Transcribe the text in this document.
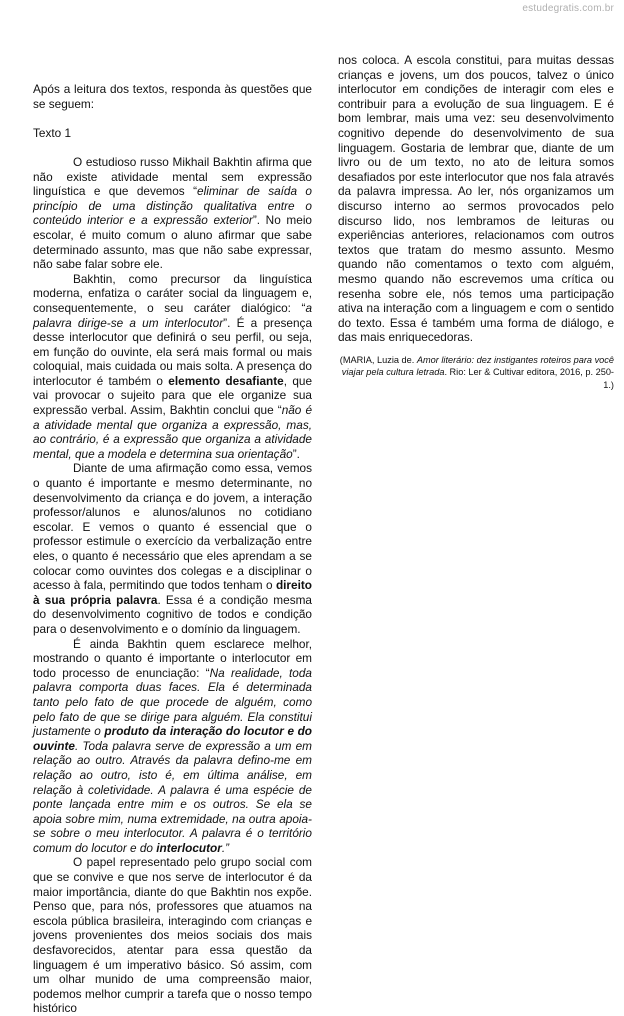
estudegratis.com.br

Após a leitura dos textos, responda às questões que se seguem:

Texto 1

O estudioso russo Mikhail Bakhtin afirma que não existe atividade mental sem expressão linguística e que devemos “eliminar de saída o princípio de uma distinção qualitativa entre o conteúdo interior e a expressão exterior”. No meio escolar, é muito comum o aluno afirmar que sabe determinado assunto, mas que não sabe expressar, não sabe falar sobre ele.

Bakhtin, como precursor da linguística moderna, enfatiza o caráter social da linguagem e, consequentemente, o seu caráter dialógico: “a palavra dirige-se a um interlocutor”. É a presença desse interlocutor que definirá o seu perfil, ou seja, em função do ouvinte, ela será mais formal ou mais coloquial, mais cuidada ou mais solta. A presença do interlocutor é também o elemento desafiante, que vai provocar o sujeito para que ele organize sua expressão verbal. Assim, Bakhtin conclui que “não é a atividade mental que organiza a expressão, mas, ao contrário, é a expressão que organiza a atividade mental, que a modela e determina sua orientação”.

Diante de uma afirmação como essa, vemos o quanto é importante e mesmo determinante, no desenvolvimento da criança e do jovem, a interação professor/alunos e alunos/alunos no cotidiano escolar. E vemos o quanto é essencial que o professor estimule o exercício da verbalização entre eles, o quanto é necessário que eles aprendam a se colocar como ouvintes dos colegas e a disciplinar o acesso à fala, permitindo que todos tenham o direito à sua própria palavra. Essa é a condição mesma do desenvolvimento cognitivo de todos e condição para o desenvolvimento e o domínio da linguagem.

É ainda Bakhtin quem esclarece melhor, mostrando o quanto é importante o interlocutor em todo processo de enunciação: “Na realidade, toda palavra comporta duas faces. Ela é determinada tanto pelo fato de que procede de alguém, como pelo fato de que se dirige para alguém. Ela constitui justamente o produto da interação do locutor e do ouvinte. Toda palavra serve de expressão a um em relação ao outro. Através da palavra defino-me em relação ao outro, isto é, em última análise, em relação à coletividade. A palavra é uma espécie de ponte lançada entre mim e os outros. Se ela se apoia sobre mim, numa extremidade, na outra apoia-se sobre o meu interlocutor. A palavra é o território comum do locutor e do interlocutor.”

O papel representado pelo grupo social com que se convive e que nos serve de interlocutor é da maior importância, diante do que Bakhtin nos expõe. Penso que, para nós, professores que atuamos na escola pública brasileira, interagindo com crianças e jovens provenientes dos meios sociais dos mais desfavorecidos, atentar para essa questão da linguagem é um imperativo básico. Só assim, com um olhar munido de uma compreensão maior, podemos melhor cumprir a tarefa que o nosso tempo histórico

nos coloca. A escola constitui, para muitas dessas crianças e jovens, um dos poucos, talvez o único interlocutor em condições de interagir com eles e contribuir para a evolução de sua linguagem. E é bom lembrar, mais uma vez: seu desenvolvimento cognitivo depende do desenvolvimento de sua linguagem. Gostaria de lembrar que, diante de um livro ou de um texto, no ato de leitura somos desafiados por este interlocutor que nos fala através da palavra impressa. Ao ler, nós organizamos um discurso interno ao sermos provocados pelo discurso lido, nos lembramos de leituras ou experiências anteriores, relacionamos com outros textos que tratam do mesmo assunto. Mesmo quando não comentamos o texto com alguém, mesmo quando não escrevemos uma crítica ou resenha sobre ele, nós temos uma participação ativa na interação com a linguagem e com o sentido do texto. Essa é também uma forma de diálogo, e das mais enriquecedoras.

(MARIA, Luzia de. Amor literário: dez instigantes roteiros para você viajar pela cultura letrada. Rio: Ler & Cultivar editora, 2016, p. 250-1.)
